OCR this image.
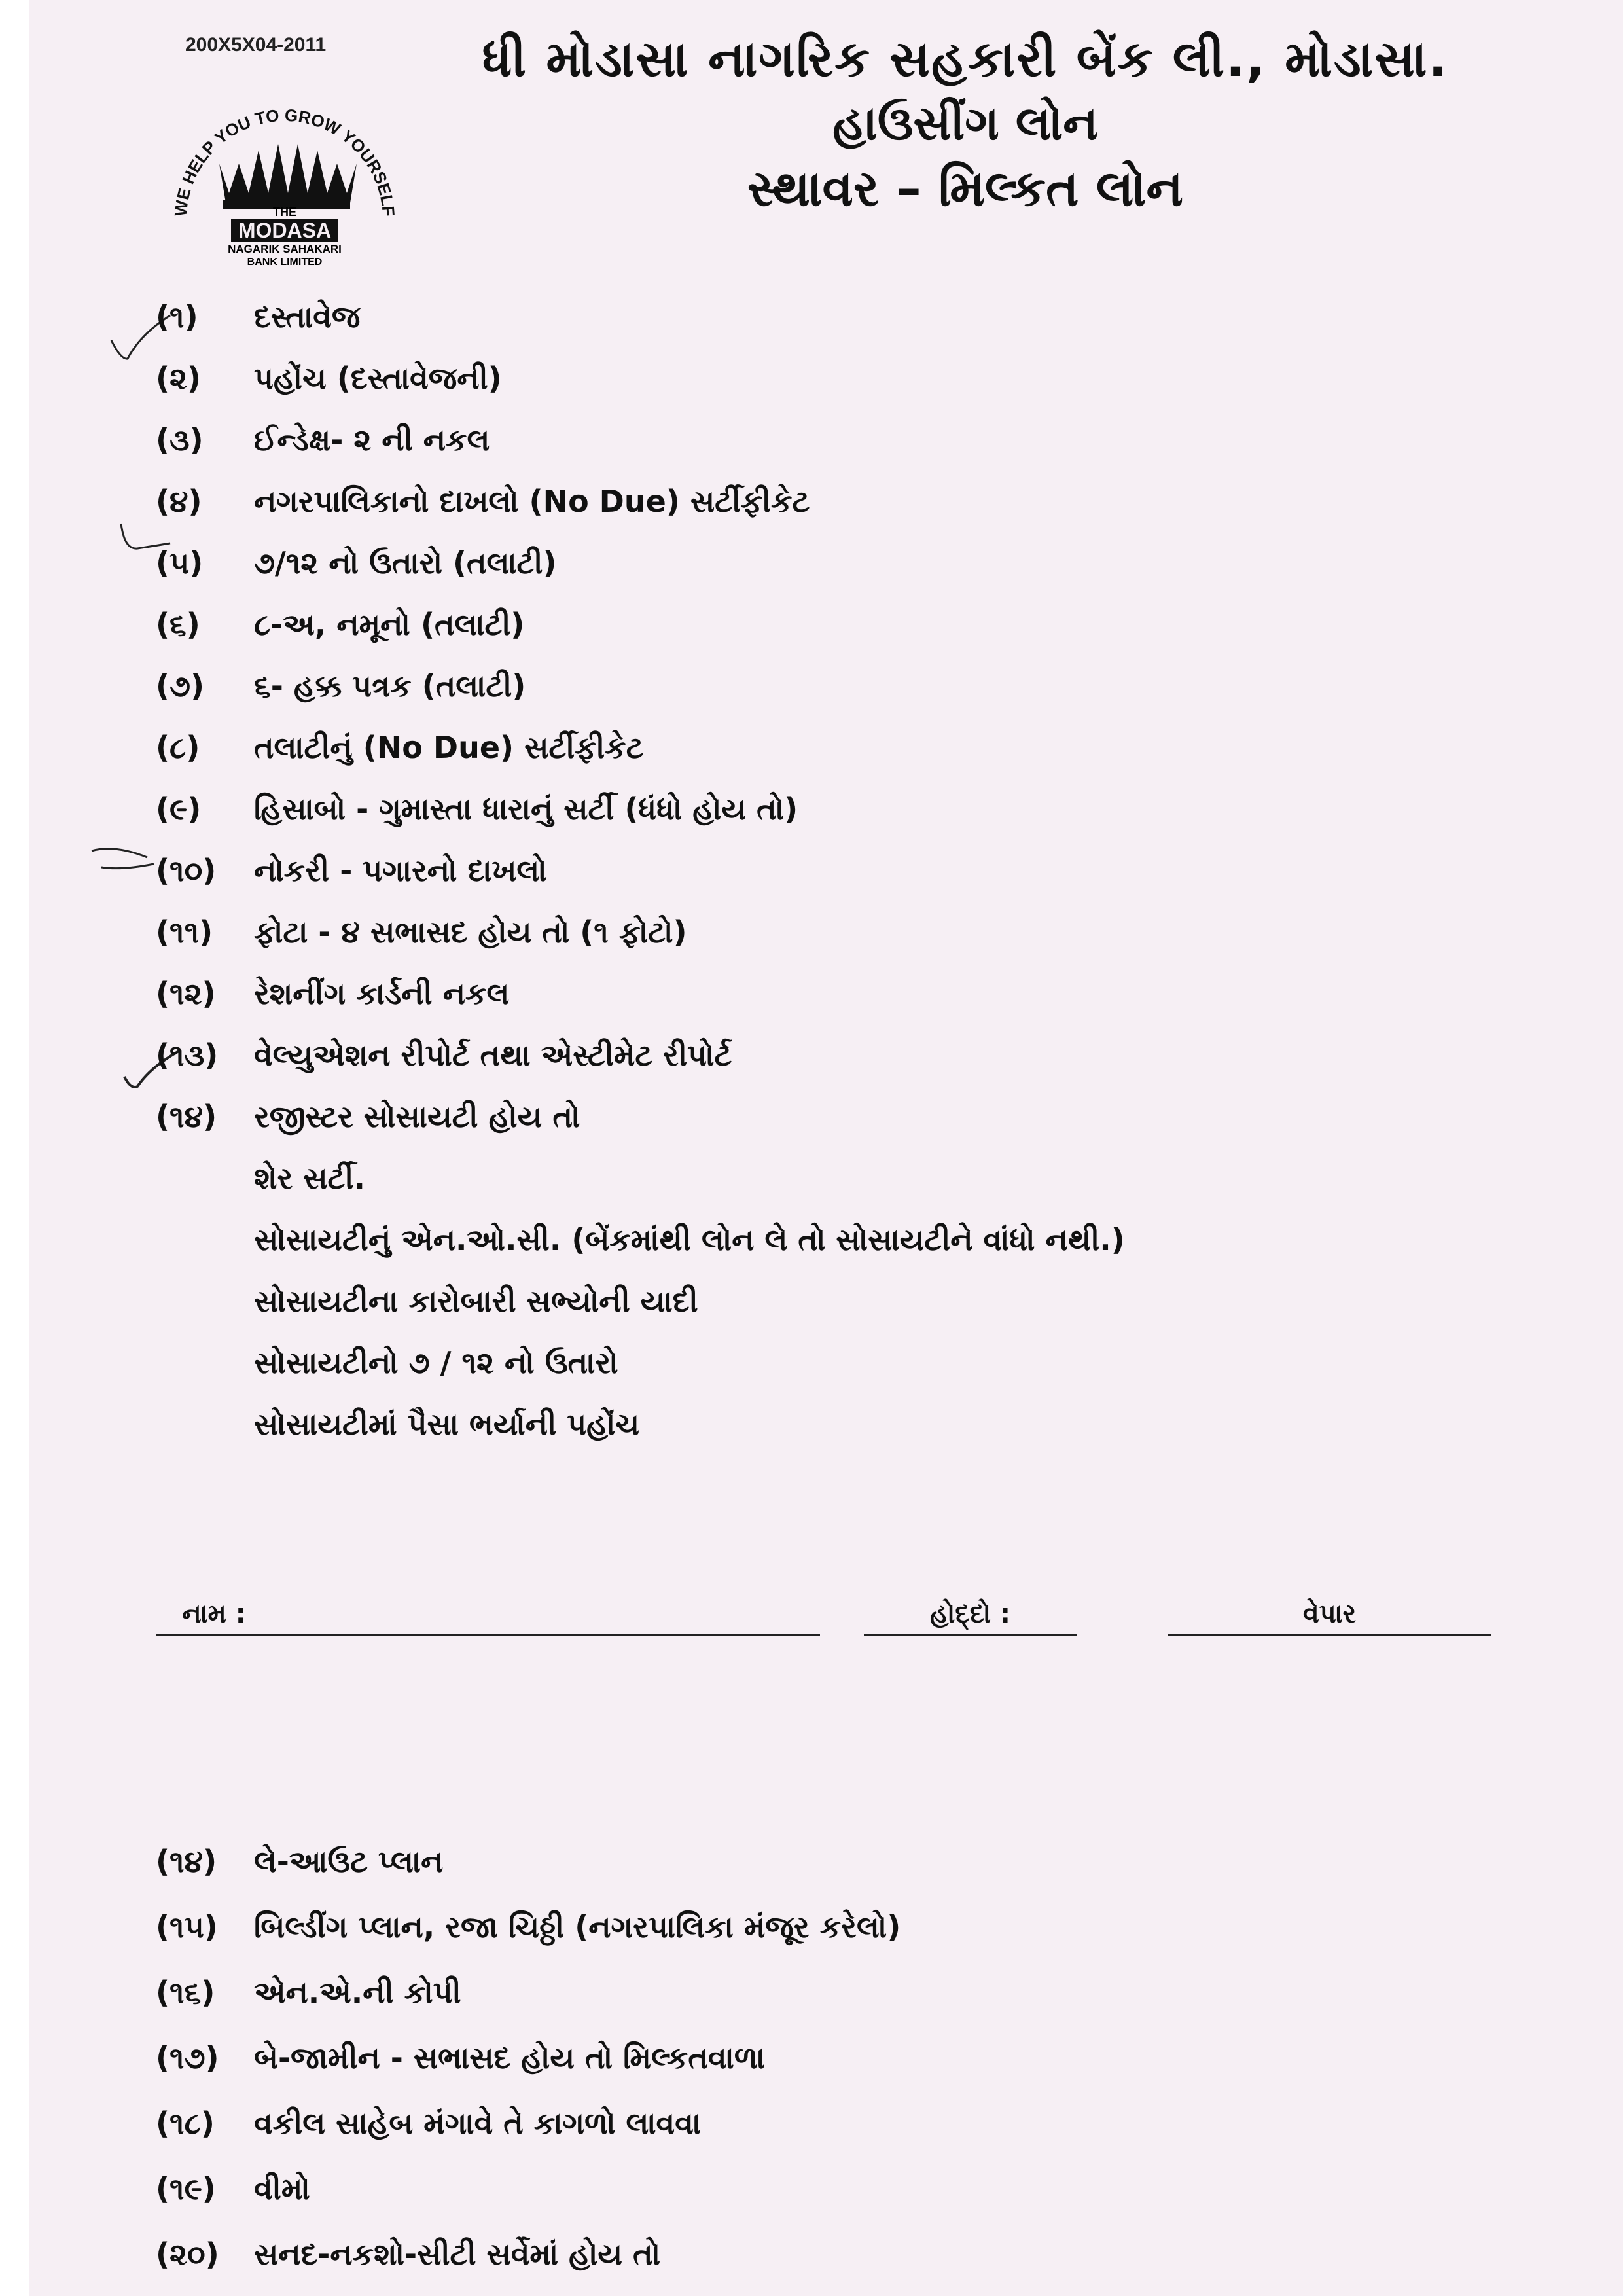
200X5X04-2011
WE HELP YOU TO GROW YOURSELF
THE
MODASA
NAGARIK SAHAKARI
BANK LIMITED
ધી મોડાસા નાગરિક સહકારી બેંક લી., મોડાસા.
હાઉસીંગ લોન
સ્થાવર – મિલ્કત લોન
(૧)	દસ્તાવેજ
(૨)	પહોંચ (દસ્તાવેજની)
(૩)	ઈન્ડેક્ષ- ૨ ની નકલ
(૪)	નગરપાલિકાનો દાખલો (No Due) સર્ટીફીકેટ
(૫)	૭/૧૨ નો ઉતારો (તલાટી)
(૬)	૮-અ, નમૂનો (તલાટી)
(૭)	૬- હક્ક પત્રક (તલાટી)
(૮)	તલાટીનું (No Due) સર્ટીફીકેટ
(૯)	હિસાબો - ગુમાસ્તા ધારાનું સર્ટી (ધંધો હોય તો)
(૧૦)	નોકરી - પગારનો દાખલો
(૧૧)	ફોટા - ૪ સભાસદ હોય તો (૧ ફોટો)
(૧૨)	રેશનીંગ કાર્ડની નકલ
(૧૩)	વેલ્યુએશન રીપોર્ટ તથા એસ્ટીમેટ રીપોર્ટ
(૧૪)	રજીસ્ટર સોસાયટી હોય તો
શેર સર્ટી.
સોસાયટીનું એન.ઓ.સી. (બેંકમાંથી લોન લે તો સોસાયટીને વાંધો નથી.)
સોસાયટીના કારોબારી સભ્યોની યાદી
સોસાયટીનો ૭ / ૧૨ નો ઉતારો
સોસાયટીમાં પૈસા ભર્યાની પહોંચ
નામ :	હોદ્દો :	વેપાર
(૧૪)	લે-આઉટ પ્લાન
(૧૫)	બિલ્ડીંગ પ્લાન, રજા ચિઠ્ઠી (નગરપાલિકા મંજૂર કરેલો)
(૧૬)	એન.એ.ની કોપી
(૧૭)	બે-જામીન - સભાસદ હોય તો મિલ્કતવાળા
(૧૮)	વકીલ સાહેબ મંગાવે તે કાગળો લાવવા
(૧૯)	વીમો
(૨૦)	સનદ-નકશો-સીટી સર્વેમાં હોય તો
